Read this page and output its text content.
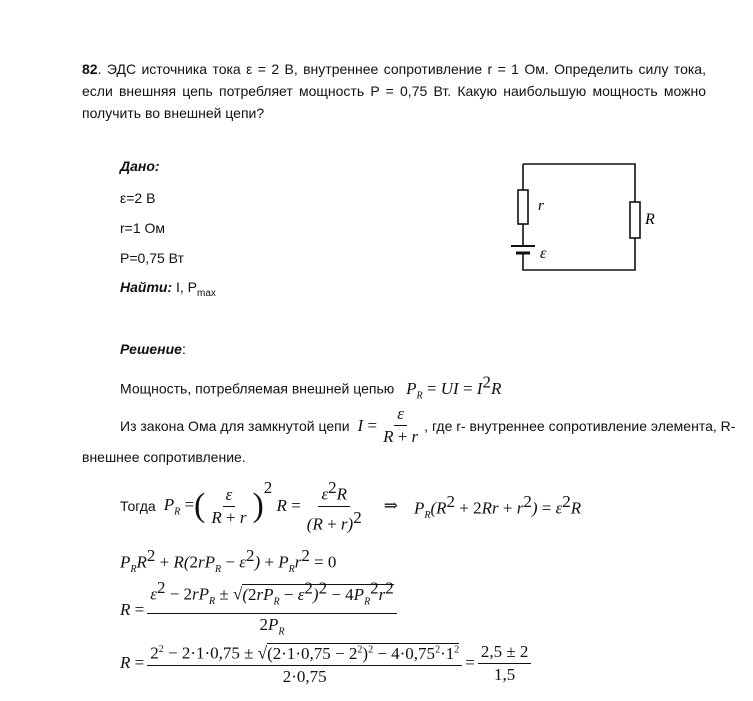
82. ЭДС источника тока ε = 2 В, внутреннее сопротивление r = 1 Ом. Определить силу тока, если внешняя цепь потребляет мощность P = 0,75 Вт. Какую наибольшую мощность можно получить во внешней цепи?
Дано:
ε=2 В
r=1 Ом
P=0,75 Вт
Найти: I, $P_{max}$
r
R
ε
Решение:
Мощность, потребляемая внешней цепью $P_R$ = UI = $I^2R$
Из закона Ома для замкнутой цепи $I = \frac{\varepsilon}{R + r}$ , где r- внутреннее сопротивление элемента, R-
внешнее сопротивление.
Тогда $P_R$ = ( $\frac{\varepsilon}{R + r}$ ) 2
$R = \frac{\varepsilon^2R}{(R + r)^2}$ ⇒ $P_R(R^2 + 2Rr + r^2) = \varepsilon^2R$
$P_RR^2 + R(2rP_R - \varepsilon^2) + P_Rr^2 = 0$
$R = \frac{\varepsilon^2 - 2rP_R \pm √(2rP_R - \varepsilon^2)^2 - 4P_R^2r^2}{2P_R}$
$R = \frac{2^2 - 2\cdot 1\cdot 0,75 \pm √(2\cdot 1\cdot 0,75 - 2^2)^2 - 4\cdot 0,75^2\cdot 1^2}{2\cdot 0,75} = \frac{2,5 \pm 2}{1,5}$
